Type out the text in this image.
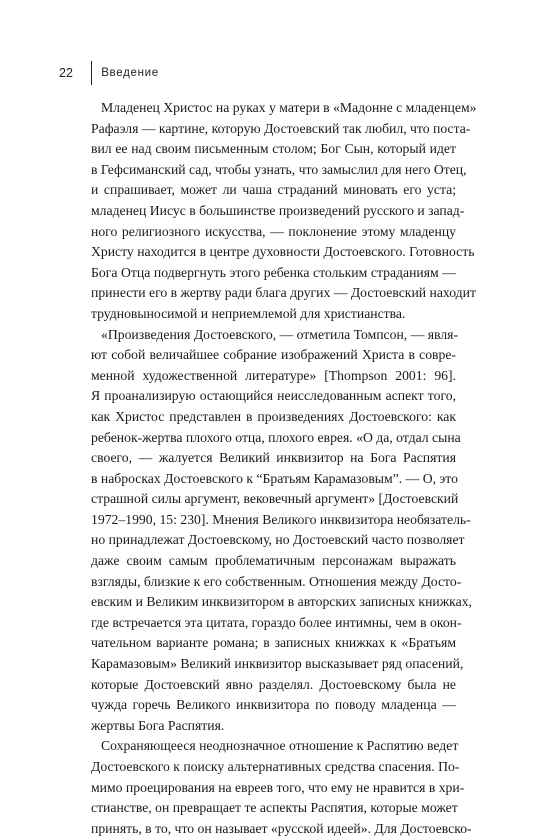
22	Введение
Младенец Христос на руках у матери в «Мадонне с младенцем»
Рафаэля — картине, которую Достоевский так любил, что поста-
вил ее над своим письменным столом; Бог Сын, который идет
в Гефсиманский сад, чтобы узнать, что замыслил для него Отец,
и спрашивает, может ли чаша страданий миновать его уста;
младенец Иисус в большинстве произведений русского и запад-
ного религиозного искусства, — поклонение этому младенцу
Христу находится в центре духовности Достоевского. Готовность
Бога Отца подвергнуть этого ребенка стольким страданиям —
принести его в жертву ради блага других — Достоевский находит
трудновыносимой и неприемлемой для христианства.
«Произведения Достоевского, — отметила Томпсон, — явля-
ют собой величайшее собрание изображений Христа в совре-
менной художественной литературе» [Thompson 2001: 96].
Я проанализирую остающийся неисследованным аспект того,
как Христос представлен в произведениях Достоевского: как
ребенок-жертва плохого отца, плохого еврея. «О да, отдал сына
своего, — жалуется Великий инквизитор на Бога Распятия
в набросках Достоевского к “Братьям Карамазовым”. — О, это
страшной силы аргумент, вековечный аргумент» [Достоевский
1972–1990, 15: 230]. Мнения Великого инквизитора необязатель-
но принадлежат Достоевскому, но Достоевский часто позволяет
даже своим самым проблематичным персонажам выражать
взгляды, близкие к его собственным. Отношения между Досто-
евским и Великим инквизитором в авторских записных книжках,
где встречается эта цитата, гораздо более интимны, чем в окон-
чательном варианте романа; в записных книжках к «Братьям
Карамазовым» Великий инквизитор высказывает ряд опасений,
которые Достоевский явно разделял. Достоевскому была не
чужда горечь Великого инквизитора по поводу младенца —
жертвы Бога Распятия.
Сохраняющееся неоднозначное отношение к Распятию ведет
Достоевского к поиску альтернативных средства спасения. По-
мимо проецирования на евреев того, что ему не нравится в хри-
стианстве, он превращает те аспекты Распятия, которые может
принять, в то, что он называет «русской идеей». Для Достоевско-
